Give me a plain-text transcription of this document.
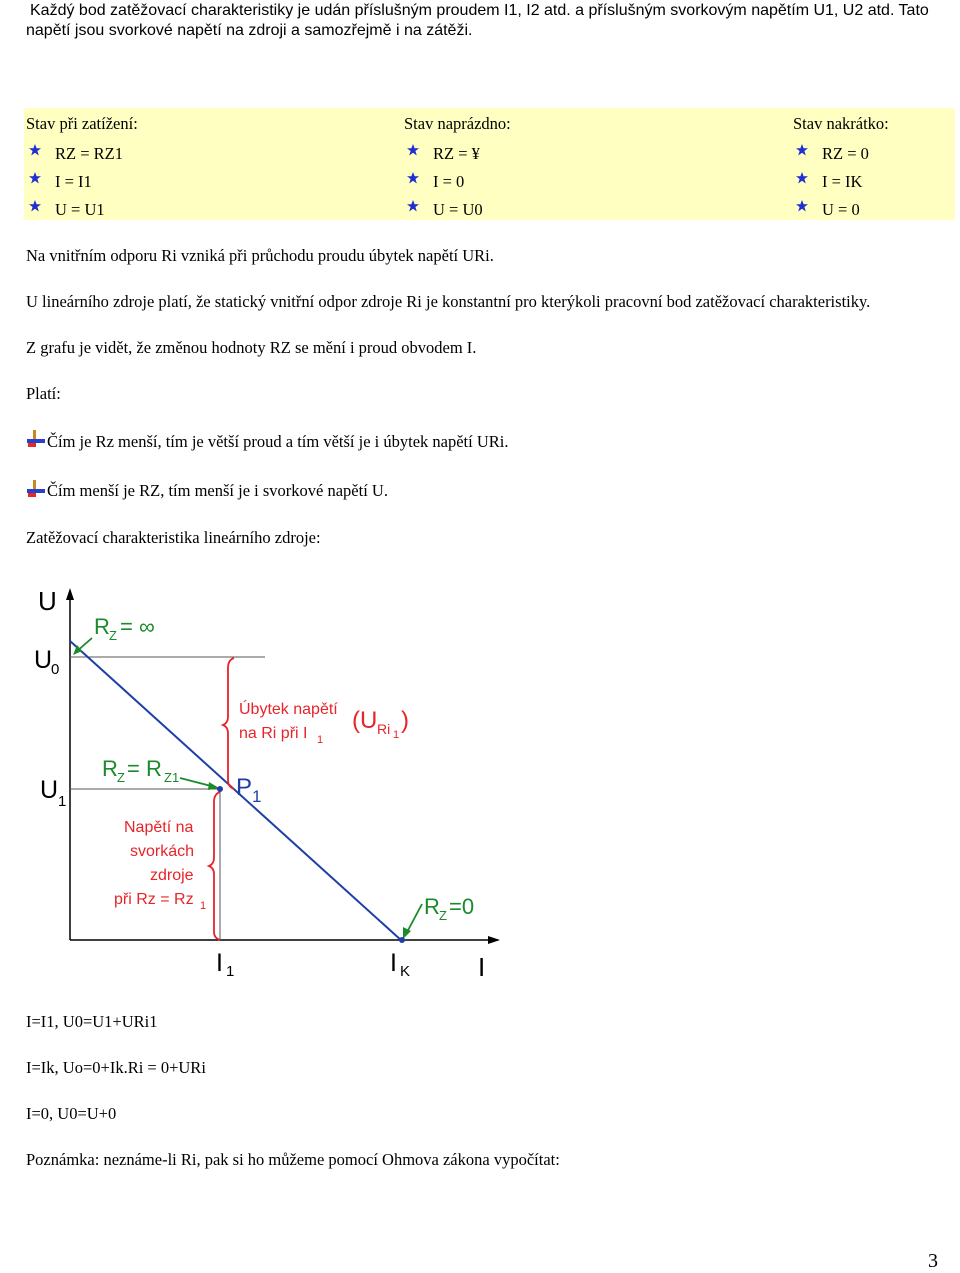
Každý bod zatěžovací charakteristiky je udán příslušným proudem I1, I2 atd. a příslušným svorkovým napětím U1, U2 atd. Tato
napětí jsou svorkové napětí na zdroji a samozřejmě i na zátěži.
Stav při zatížení:
RZ = RZ1
I = I1
U = U1
Stav naprázdno:
RZ = ¥
I = 0
U = U0
Stav nakrátko:
RZ = 0
I = IK
U = 0
Na vnitřním odporu Ri vzniká při průchodu proudu úbytek napětí URi.
U lineárního zdroje platí, že statický vnitřní odpor zdroje Ri je konstantní pro kterýkoli pracovní bod zatěžovací charakteristiky.
Z grafu je vidět, že změnou hodnoty RZ se mění i proud obvodem I.
Platí:
Čím je Rz menší, tím je větší proud a tím větší je i úbytek napětí URi.
Čím menší je RZ, tím menší je i svorkové napětí U.
Zatěžovací charakteristika lineárního zdroje:
U
I
U
0
U 1
I 1	I K
P 1
R Z = ∞
R Z = R Z1
R Z =0
Úbytek napětí
na Ri při I 1
(U Ri 1
)
Napětí na
svorkách
zdroje
při Rz = Rz 1
I=I1, U0=U1+URi1
I=Ik, Uo=0+Ik.Ri = 0+URi
I=0, U0=U+0
Poznámka: neznáme-li Ri, pak si ho můžeme pomocí Ohmova zákona vypočítat:
3
